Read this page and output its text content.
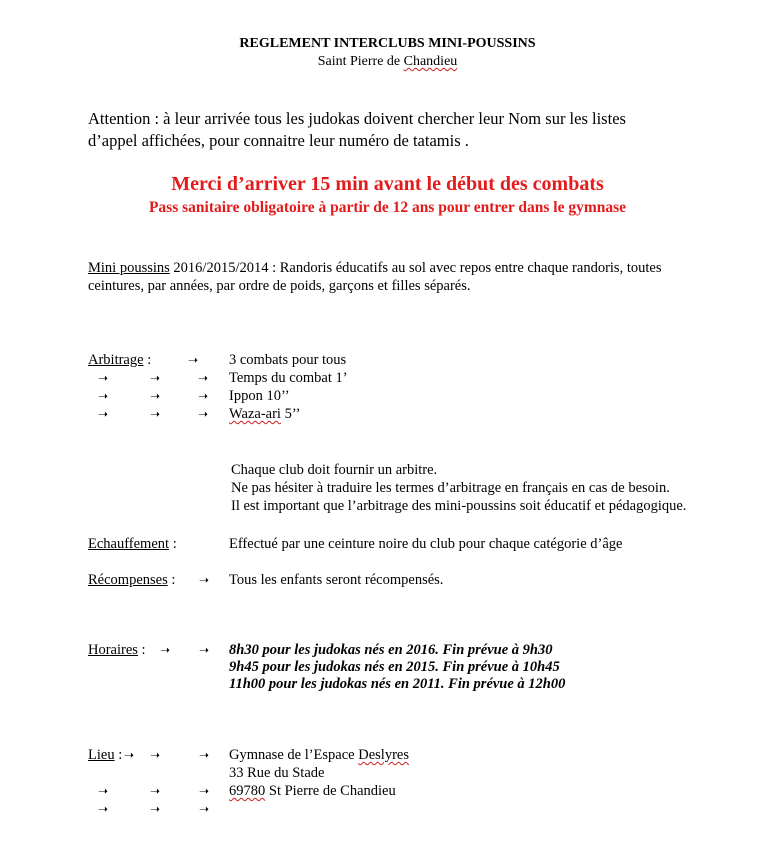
REGLEMENT INTERCLUBS MINI-POUSSINS
Saint Pierre de Chandieu
Attention : à leur arrivée tous les judokas doivent chercher leur Nom sur les listes
d’appel affichées, pour connaitre leur numéro de tatamis .
Merci d’arriver 15 min avant le début des combats
Pass sanitaire obligatoire à partir de 12 ans pour entrer dans le gymnase
Mini poussins 2016/2015/2014 : Randoris éducatifs au sol avec repos entre chaque randoris, toutes
ceintures, par années, par ordre de poids, garçons et filles séparés.
Arbitrage :	➝ 3 combats pour tous
➝	➝	➝ Temps du combat 1’
➝	➝	➝ Ippon 10’’
➝	➝	➝ Waza-ari 5’’
Chaque club doit fournir un arbitre.
Ne pas hésiter à traduire les termes d’arbitrage en français en cas de besoin.
Il est important que l’arbitrage des mini-poussins soit éducatif et pédagogique.
Echauffement :	Effectué par une ceinture noire du club pour chaque catégorie d’âge
Récompenses : ➝ Tous les enfants seront récompensés.
Horaires : ➝ ➝ 8h30 pour les judokas nés en 2016. Fin prévue à 9h30
9h45 pour les judokas nés en 2015. Fin prévue à 10h45
11h00 pour les judokas nés en 2011. Fin prévue à 12h00
Lieu : ➝ ➝	➝ Gymnase de l’Espace Deslyres
33 Rue du Stade
➝	➝	➝ 69780 St Pierre de Chandieu
➝	➝	➝
